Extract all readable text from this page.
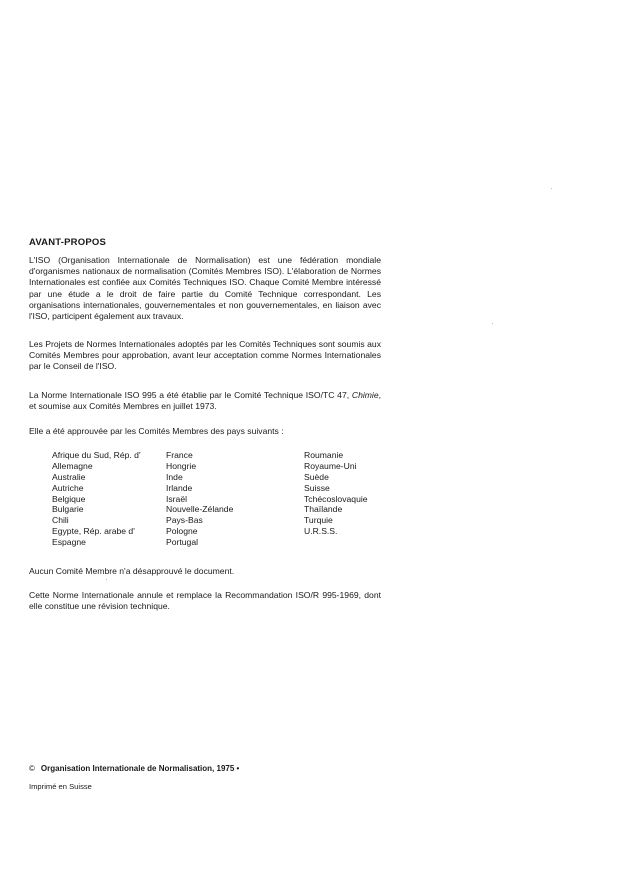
AVANT-PROPOS

L'ISO (Organisation Internationale de Normalisation) est une fédération mondiale d'organismes nationaux de normalisation (Comités Membres ISO). L'élaboration de Normes Internationales est confiée aux Comités Techniques ISO. Chaque Comité Membre intéressé par une étude a le droit de faire partie du Comité Technique correspondant. Les organisations internationales, gouvernementales et non gouvernementales, en liaison avec l'ISO, participent également aux travaux.

Les Projets de Normes Internationales adoptés par les Comités Techniques sont soumis aux Comités Membres pour approbation, avant leur acceptation comme Normes Internationales par le Conseil de l'ISO.

La Norme Internationale ISO 995 a été établie par le Comité Technique ISO/TC 47, Chimie, et soumise aux Comités Membres en juillet 1973.

Elle a été approuvée par les Comités Membres des pays suivants :

Afrique du Sud, Rép. d'
Allemagne
Australie
Autriche
Belgique
Bulgarie
Chili
Egypte, Rép. arabe d'
Espagne
France
Hongrie
Inde
Irlande
Israël
Nouvelle-Zélande
Pays-Bas
Pologne
Portugal
Roumanie
Royaume-Uni
Suède
Suisse
Tchécoslovaquie
Thaïlande
Turquie
U.R.S.S.

Aucun Comité Membre n'a désapprouvé le document.

Cette Norme Internationale annule et remplace la Recommandation ISO/R 995-1969, dont elle constitue une révision technique.

© Organisation Internationale de Normalisation, 1975 •
Imprimé en Suisse
